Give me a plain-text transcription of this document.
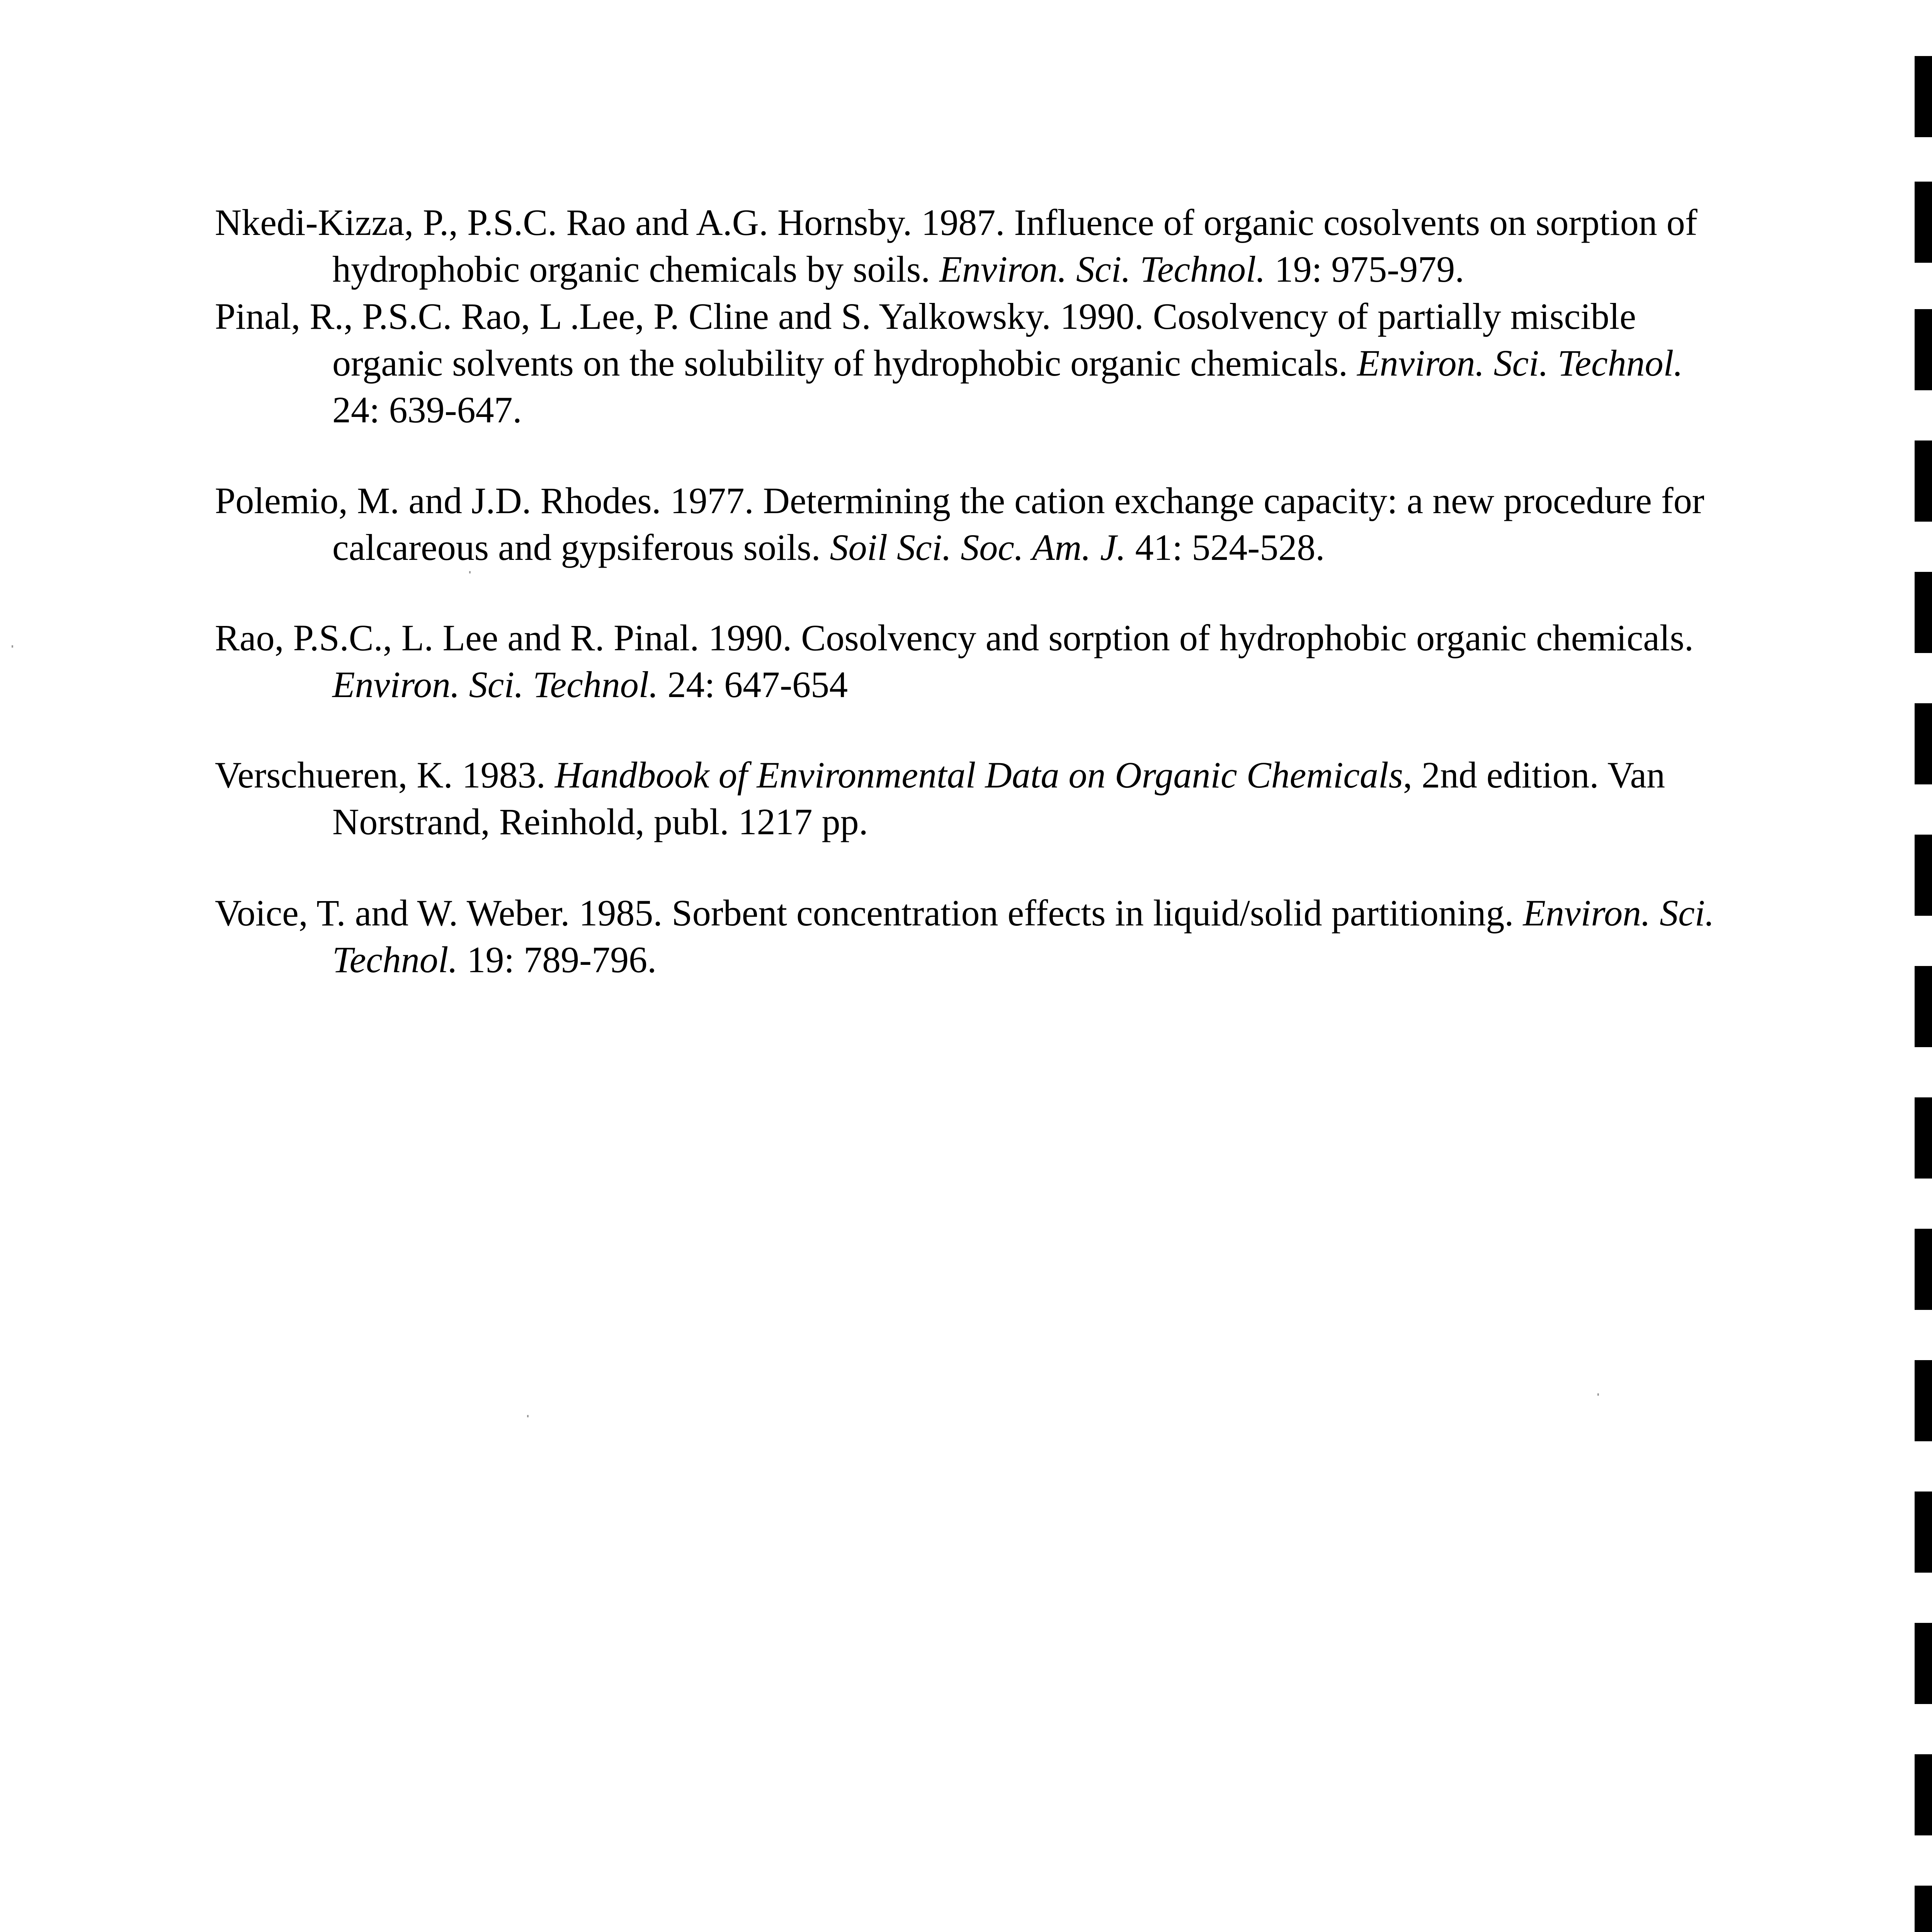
Nkedi-Kizza, P., P.S.C. Rao and A.G. Hornsby. 1987. Influence of organic cosolvents on sorption of hydrophobic organic chemicals by soils. Environ. Sci. Technol. 19: 975-979.

Pinal, R., P.S.C. Rao, L .Lee, P. Cline and S. Yalkowsky. 1990. Cosolvency of partially miscible organic solvents on the solubility of hydrophobic organic chemicals. Environ. Sci. Technol. 24: 639-647.

Polemio, M. and J.D. Rhodes. 1977. Determining the cation exchange capacity: a new procedure for calcareous and gypsiferous soils. Soil Sci. Soc. Am. J. 41: 524-528.

Rao, P.S.C., L. Lee and R. Pinal. 1990. Cosolvency and sorption of hydrophobic organic chemicals. Environ. Sci. Technol. 24: 647-654

Verschueren, K. 1983. Handbook of Environmental Data on Organic Chemicals, 2nd edition. Van Norstrand, Reinhold, publ. 1217 pp.

Voice, T. and W. Weber. 1985. Sorbent concentration effects in liquid/solid partitioning. Environ. Sci. Technol. 19: 789-796.
